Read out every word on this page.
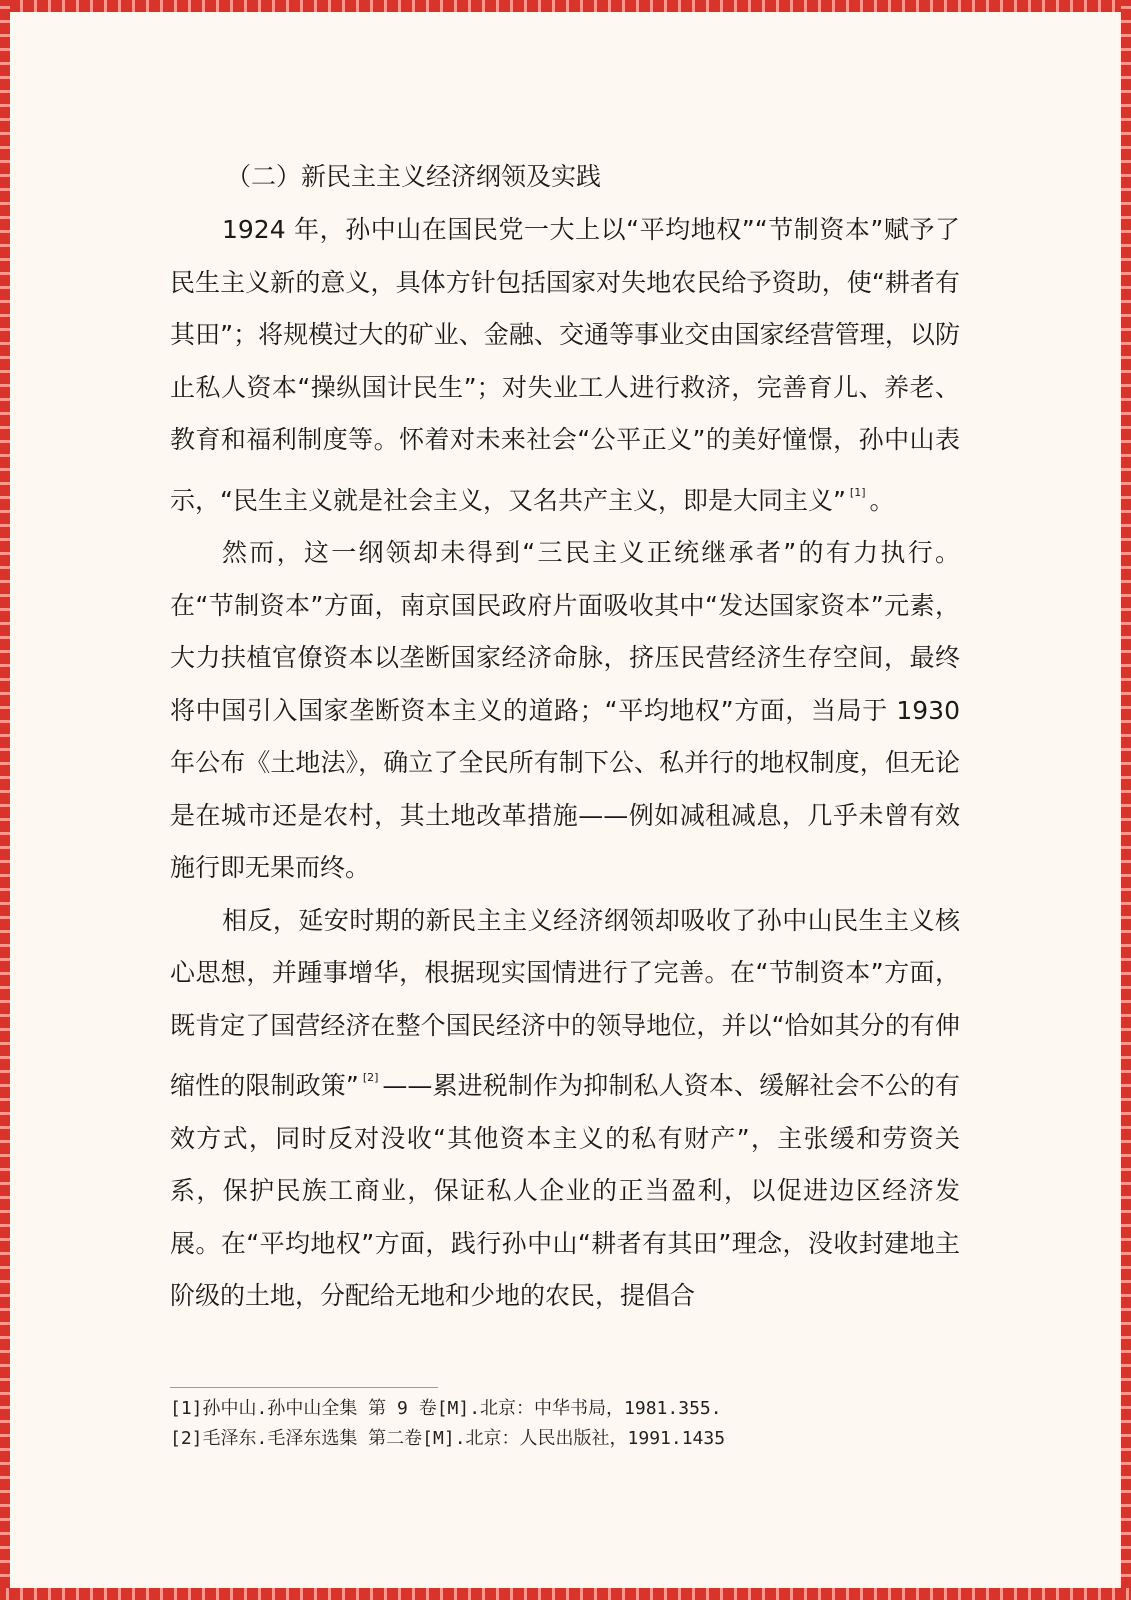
（二）新民主主义经济纲领及实践

1924 年，孙中山在国民党一大上以“平均地权”“节制资本”赋予了民生主义新的意义，具体方针包括国家对失地农民给予资助，使“耕者有其田”；将规模过大的矿业、金融、交通等事业交由国家经营管理，以防止私人资本“操纵国计民生”；对失业工人进行救济，完善育儿、养老、教育和福利制度等。怀着对未来社会“公平正义”的美好憧憬，孙中山表示，“民生主义就是社会主义，又名共产主义，即是大同主义” [1] 。

然而，这一纲领却未得到“三民主义正统继承者”的有力执行。在“节制资本”方面，南京国民政府片面吸收其中“发达国家资本”元素，大力扶植官僚资本以垄断国家经济命脉，挤压民营经济生存空间，最终将中国引入国家垄断资本主义的道路；“平均地权”方面，当局于 1930 年公布《土地法》，确立了全民所有制下公、私并行的地权制度，但无论是在城市还是农村，其土地改革措施——例如减租减息，几乎未曾有效施行即无果而终。

相反，延安时期的新民主主义经济纲领却吸收了孙中山民生主义核心思想，并踵事增华，根据现实国情进行了完善。在“节制资本”方面，既肯定了国营经济在整个国民经济中的领导地位，并以“恰如其分的有伸缩性的限制政策” [2] ——累进税制作为抑制私人资本、缓解社会不公的有效方式，同时反对没收“其他资本主义的私有财产”，主张缓和劳资关系，保护民族工商业，保证私人企业的正当盈利，以促进边区经济发展。在“平均地权”方面，践行孙中山“耕者有其田”理念，没收封建地主阶级的土地，分配给无地和少地的农民，提倡合

[1]孙中山.孙中山全集 第 9 卷[M].北京：中华书局，1981.355.
[2]毛泽东.毛泽东选集 第二卷[M].北京：人民出版社，1991.1435
